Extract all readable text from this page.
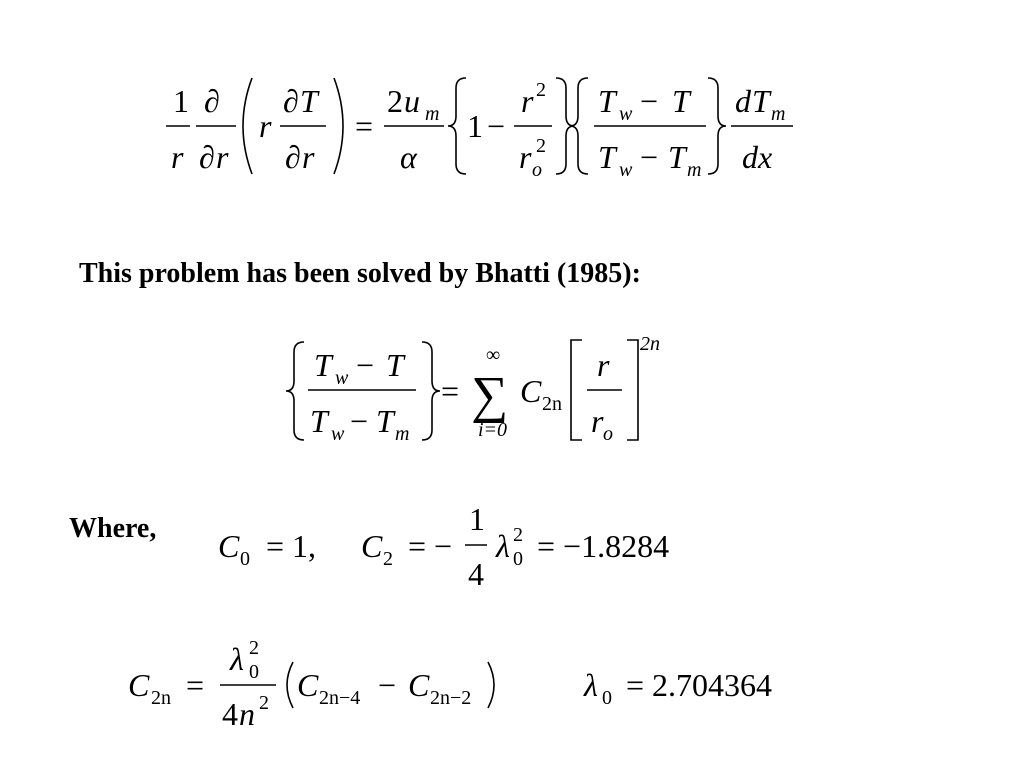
1
r
∂
∂ r
r
∂ T
∂ r
=
2 u m
α
1 −
r 2
r 2
o
T w − T
T w − T m
d T m
dx
This problem has been solved by Bhatti (1985):
T w − T
T w − T m
=
∞
∑
i=0
C 2n
r
r o
2n
Where, C 0 = 1, C 2 = −
1
4
λ 2
0 = −1.8284
C 2n =
λ 2
0
4 n 2 C 2n−4 − C 2n−2	λ 0 = 2.704364
